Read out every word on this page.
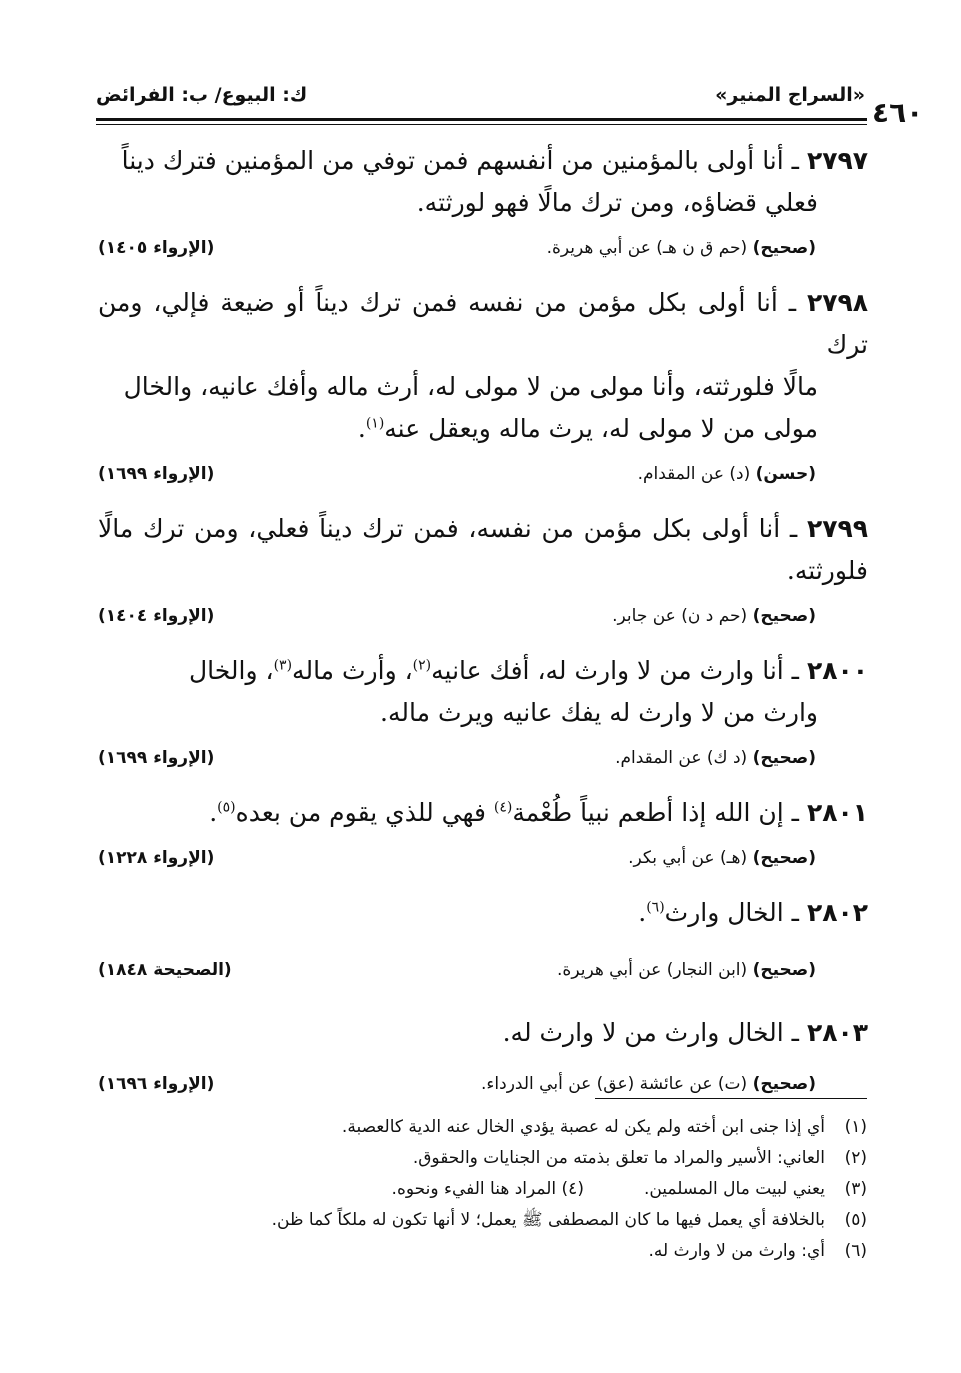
٤٦٠
«السراج المنير»
ك: البيوع/ ب: الفرائض
٢٧٩٧ ـ أنا أولى بالمؤمنين من أنفسهم فمن توفي من المؤمنين فترك ديناً
فعلي قضاؤه، ومن ترك مالًا فهو لورثته.
(صحيح) (حم ق ن هـ) عن أبي هريرة.
(الإرواء ١٤٠٥)
٢٧٩٨ ـ أنا أولى بكل مؤمن من نفسه فمن ترك ديناً أو ضيعة فإلي، ومن ترك
مالًا فلورثته، وأنا مولى من لا مولى له، أرث ماله وأفك عانيه، والخال
مولى من لا مولى له، يرث ماله ويعقل عنه$^{(١)}$.
(حسن) (د) عن المقدام.
(الإرواء ١٦٩٩)
٢٧٩٩ ـ أنا أولى بكل مؤمن من نفسه، فمن ترك ديناً فعلي، ومن ترك مالًا فلورثته.
(صحيح) (حم د ن) عن جابر.
(الإرواء ١٤٠٤)
٢٨٠٠ ـ أنا وارث من لا وارث له، أفك عانيه$^{(٢)}$، وأرث ماله$^{(٣)}$، والخال
وارث من لا وارث له يفك عانيه ويرث ماله.
(صحيح) (د ك) عن المقدام.
(الإرواء ١٦٩٩)
٢٨٠١ ـ إن الله إذا أطعم نبياً طُعْمة$^{(٤)}$ فهي للذي يقوم من بعده$^{(٥)}$.
(صحيح) (هـ) عن أبي بكر.
(الإرواء ١٢٢٨)
٢٨٠٢ ـ الخال وارث$^{(٦)}$.
(صحيح) (ابن النجار) عن أبي هريرة.
(الصحيحة ١٨٤٨)
٢٨٠٣ ـ الخال وارث من لا وارث له.
(صحيح) (ت) عن عائشة (عق) عن أبي الدرداء.
(الإرواء ١٦٩٦)
(١)أي إذا جنى ابن أخته ولم يكن له عصبة يؤدي الخال عنه الدية كالعصبة.
(٢)العاني: الأسير والمراد ما تعلق بذمته من الجنايات والحقوق.
(٣)يعني لبيت مال المسلمين.(٤) المراد هنا الفيء ونحوه.
(٥)بالخلافة أي يعمل فيها ما كان المصطفى ﷺ يعمل؛ لا أنها تكون له ملكاً كما ظن.
(٦)أي: وارث من لا وارث له.
